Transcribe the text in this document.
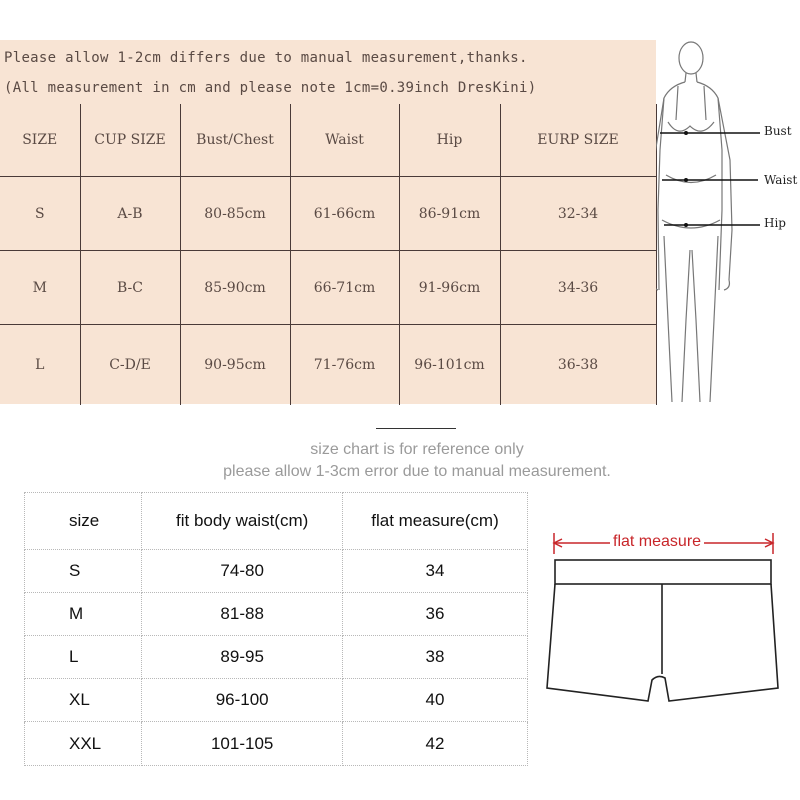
Please allow 1-2cm differs due to manual measurement,thanks.
(All measurement in cm and please note 1cm=0.39inch DresKini)
SIZE	CUP SIZE	Bust/Chest	Waist	Hip	EURP SIZE
S	A-B	80-85cm	61-66cm	86-91cm	32-34
M	B-C	85-90cm	66-71cm	91-96cm	34-36
L	C-D/E	90-95cm	71-76cm	96-101cm	36-38
Bust
Waist
Hip
size chart is for reference only
please allow 1-3cm error due to manual measurement.
size	fit body waist(cm)	flat measure(cm)
S	74-80	34
M	81-88	36
L	89-95	38
XL	96-100	40
XXL	101-105	42
flat measure
